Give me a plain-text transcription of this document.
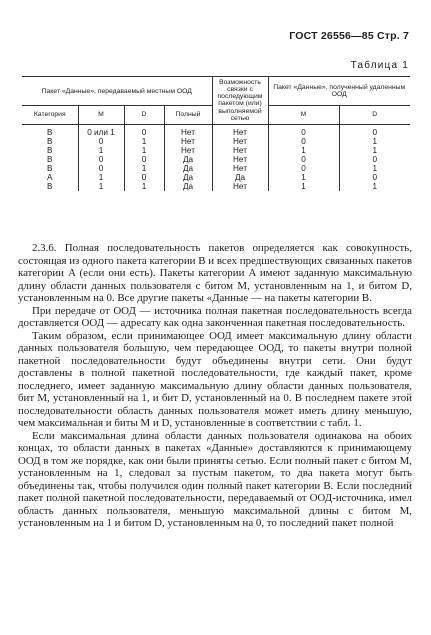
ГОСТ 26556—85 Стр. 7
Таблица 1
Пакет «Данные», передаваемый местным ООД				Возможность связки с последующим пакетом (или) выполняемой сетью	Пакет «Данные», полученный удаленным ООД	
Категория	M	D	Полный		M	D
B	0 или 1	0	Нет	Нет	0	0
B	0	1	Нет	Нет	0	1
B	1	1	Нет	Нет	1	1
B	0	0	Да	Нет	0	0
B	0	1	Да	Нет	0	1
A	1	0	Да	Да	1	0
B	1	1	Да	Нет	1	1

2.3.6. Полная последовательность пакетов определяется как совокупность, состоящая из одного пакета категории B и всех предшествующих связанных пакетов категории A (если они есть). Пакеты категории A имеют заданную максимальную длину области данных пользователя с битом M, установленным на 1, и битом D, установленным на 0. Все другие пакеты «Данные — на пакеты категории B.

При передаче от ООД — источника полная пакетная последовательность всегда доставляется ООД — адресату как одна законченная пакетная последовательность.

Таким образом, если принимающее ООД имеет максимальную длину области данных пользователя большую, чем передающее ООД, то пакеты внутри полной пакетной последовательности будут объединены внутри сети. Они будут доставлены в полной пакетной последовательности, где каждый пакет, кроме последнего, имеет заданную максимальную длину области данных пользователя, бит M, установленный на 1, и бит D, установленный на 0. В последнем пакете этой последовательности область данных пользователя может иметь длину меньшую, чем максимальная и биты M и D, установленные в соответствии с табл. 1.

Если максимальная длина области данных пользователя одинакова на обоих концах, то области данных в пакетах «Данные» доставляются к принимающему ООД в том же порядке, как они были приняты сетью. Если полный пакет с битом M, установленным на 1, следовал за пустым пакетом, то два пакета могут быть объединены так, чтобы получился один полный пакет категории B. Если последний пакет полной пакетной последовательности, передаваемый от ООД-источника, имел область данных пользователя, меньшую максимальной длины с битом M, установленным на 1 и битом D, установленным на 0, то последний пакет полной
